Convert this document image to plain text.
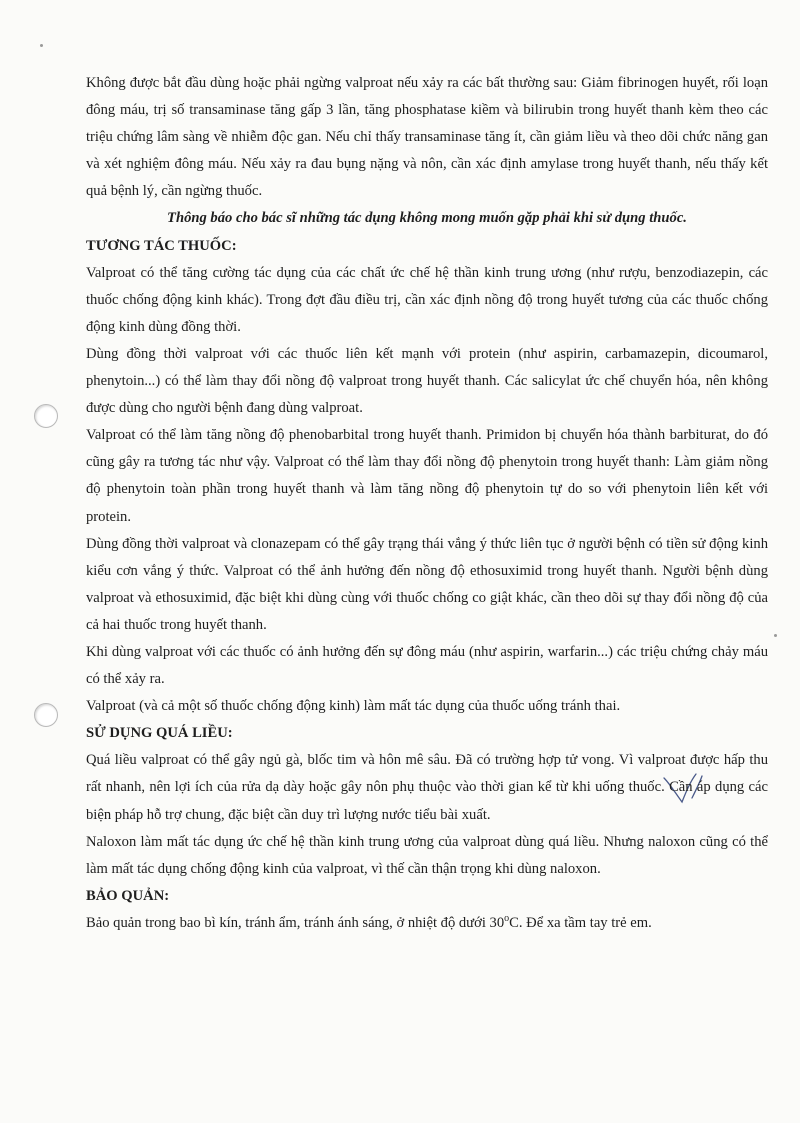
Không được bắt đầu dùng hoặc phải ngừng valproat nếu xảy ra các bất thường sau: Giảm fibrinogen huyết, rối loạn đông máu, trị số transaminase tăng gấp 3 lần, tăng phosphatase kiềm và bilirubin trong huyết thanh kèm theo các triệu chứng lâm sàng về nhiễm độc gan. Nếu chỉ thấy transaminase tăng ít, cần giảm liều và theo dõi chức năng gan và xét nghiệm đông máu. Nếu xảy ra đau bụng nặng và nôn, cần xác định amylase trong huyết thanh, nếu thấy kết quả bệnh lý, cần ngừng thuốc.

Thông báo cho bác sĩ những tác dụng không mong muốn gặp phải khi sử dụng thuốc.

TƯƠNG TÁC THUỐC:

Valproat có thể tăng cường tác dụng của các chất ức chế hệ thần kinh trung ương (như rượu, benzodiazepin, các thuốc chống động kinh khác). Trong đợt đầu điều trị, cần xác định nồng độ trong huyết tương của các thuốc chống động kinh dùng đồng thời.

Dùng đồng thời valproat với các thuốc liên kết mạnh với protein (như aspirin, carbamazepin, dicoumarol, phenytoin...) có thể làm thay đổi nồng độ valproat trong huyết thanh. Các salicylat ức chế chuyển hóa, nên không được dùng cho người bệnh đang dùng valproat.

Valproat có thể làm tăng nồng độ phenobarbital trong huyết thanh. Primidon bị chuyển hóa thành barbiturat, do đó cũng gây ra tương tác như vậy. Valproat có thể làm thay đổi nồng độ phenytoin trong huyết thanh: Làm giảm nồng độ phenytoin toàn phần trong huyết thanh và làm tăng nồng độ phenytoin tự do so với phenytoin liên kết với protein.

Dùng đồng thời valproat và clonazepam có thể gây trạng thái vắng ý thức liên tục ở người bệnh có tiền sử động kinh kiểu cơn vắng ý thức. Valproat có thể ảnh hưởng đến nồng độ ethosuximid trong huyết thanh. Người bệnh dùng valproat và ethosuximid, đặc biệt khi dùng cùng với thuốc chống co giật khác, cần theo dõi sự thay đổi nồng độ của cả hai thuốc trong huyết thanh.

Khi dùng valproat với các thuốc có ảnh hưởng đến sự đông máu (như aspirin, warfarin...) các triệu chứng chảy máu có thể xảy ra.

Valproat (và cả một số thuốc chống động kinh) làm mất tác dụng của thuốc uống tránh thai.

SỬ DỤNG QUÁ LIỀU:

Quá liều valproat có thể gây ngủ gà, blốc tim và hôn mê sâu. Đã có trường hợp tử vong. Vì valproat được hấp thu rất nhanh, nên lợi ích của rửa dạ dày hoặc gây nôn phụ thuộc vào thời gian kể từ khi uống thuốc. Cần áp dụng các biện pháp hỗ trợ chung, đặc biệt cần duy trì lượng nước tiểu bài xuất.

Naloxon làm mất tác dụng ức chế hệ thần kinh trung ương của valproat dùng quá liều. Nhưng naloxon cũng có thể làm mất tác dụng chống động kinh của valproat, vì thế cần thận trọng khi dùng naloxon.

BẢO QUẢN:

Bảo quản trong bao bì kín, tránh ẩm, tránh ánh sáng, ở nhiệt độ dưới 30$^o$C. Để xa tầm tay trẻ em.
